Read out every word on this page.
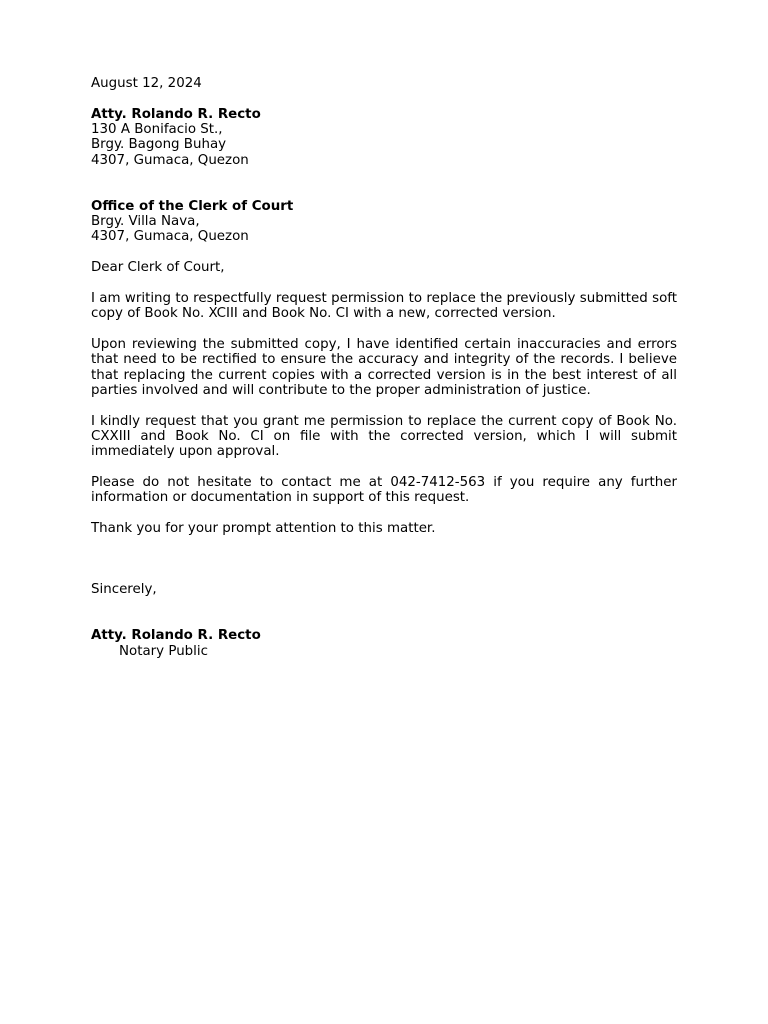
August 12, 2024
Atty. Rolando R. Recto
130 A Bonifacio St.,
Brgy. Bagong Buhay
4307, Gumaca, Quezon
Office of the Clerk of Court
Brgy. Villa Nava,
4307, Gumaca, Quezon
Dear Clerk of Court,

I am writing to respectfully request permission to replace the previously submitted soft copy of Book No. XCIII and Book No. CI with a new, corrected version.

Upon reviewing the submitted copy, I have identified certain inaccuracies and errors that need to be rectified to ensure the accuracy and integrity of the records. I believe that replacing the current copies with a corrected version is in the best interest of all parties involved and will contribute to the proper administration of justice.

I kindly request that you grant me permission to replace the current copy of Book No. CXXIII and Book No. CI on file with the corrected version, which I will submit immediately upon approval.

Please do not hesitate to contact me at 042-7412-563 if you require any further information or documentation in support of this request.

Thank you for your prompt attention to this matter.

Sincerely,
Atty. Rolando R. Recto
Notary Public
